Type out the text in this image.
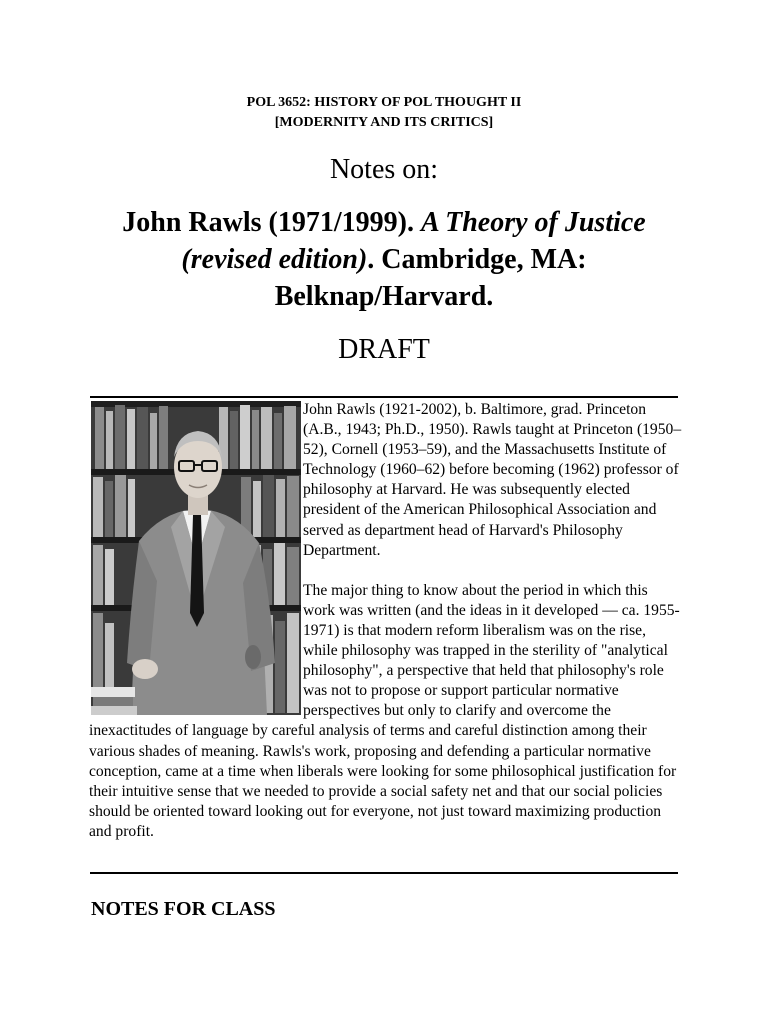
POL 3652: HISTORY OF POL THOUGHT II
[MODERNITY AND ITS CRITICS]
Notes on:
John Rawls (1971/1999). A Theory of Justice (revised edition). Cambridge, MA: Belknap/Harvard.
DRAFT

John Rawls (1921-2002), b. Baltimore, grad. Princeton (A.B., 1943; Ph.D., 1950). Rawls taught at Princeton (1950–52), Cornell (1953–59), and the Massachusetts Institute of Technology (1960–62) before becoming (1962) professor of philosophy at Harvard. He was subsequently elected president of the American Philosophical Association and served as department head of Harvard's Philosophy Department.

The major thing to know about the period in which this work was written (and the ideas in it developed — ca. 1955-1971) is that modern reform liberalism was on the rise, while philosophy was trapped in the sterility of "analytical philosophy", a perspective that held that philosophy's role was not to propose or support particular normative perspectives but only to clarify and overcome the inexactitudes of language by careful analysis of terms and careful distinction among their various shades of meaning. Rawls's work, proposing and defending a particular normative conception, came at a time when liberals were looking for some philosophical justification for their intuitive sense that we needed to provide a social safety net and that our social policies should be oriented toward looking out for everyone, not just toward maximizing production and profit.

NOTES FOR CLASS
